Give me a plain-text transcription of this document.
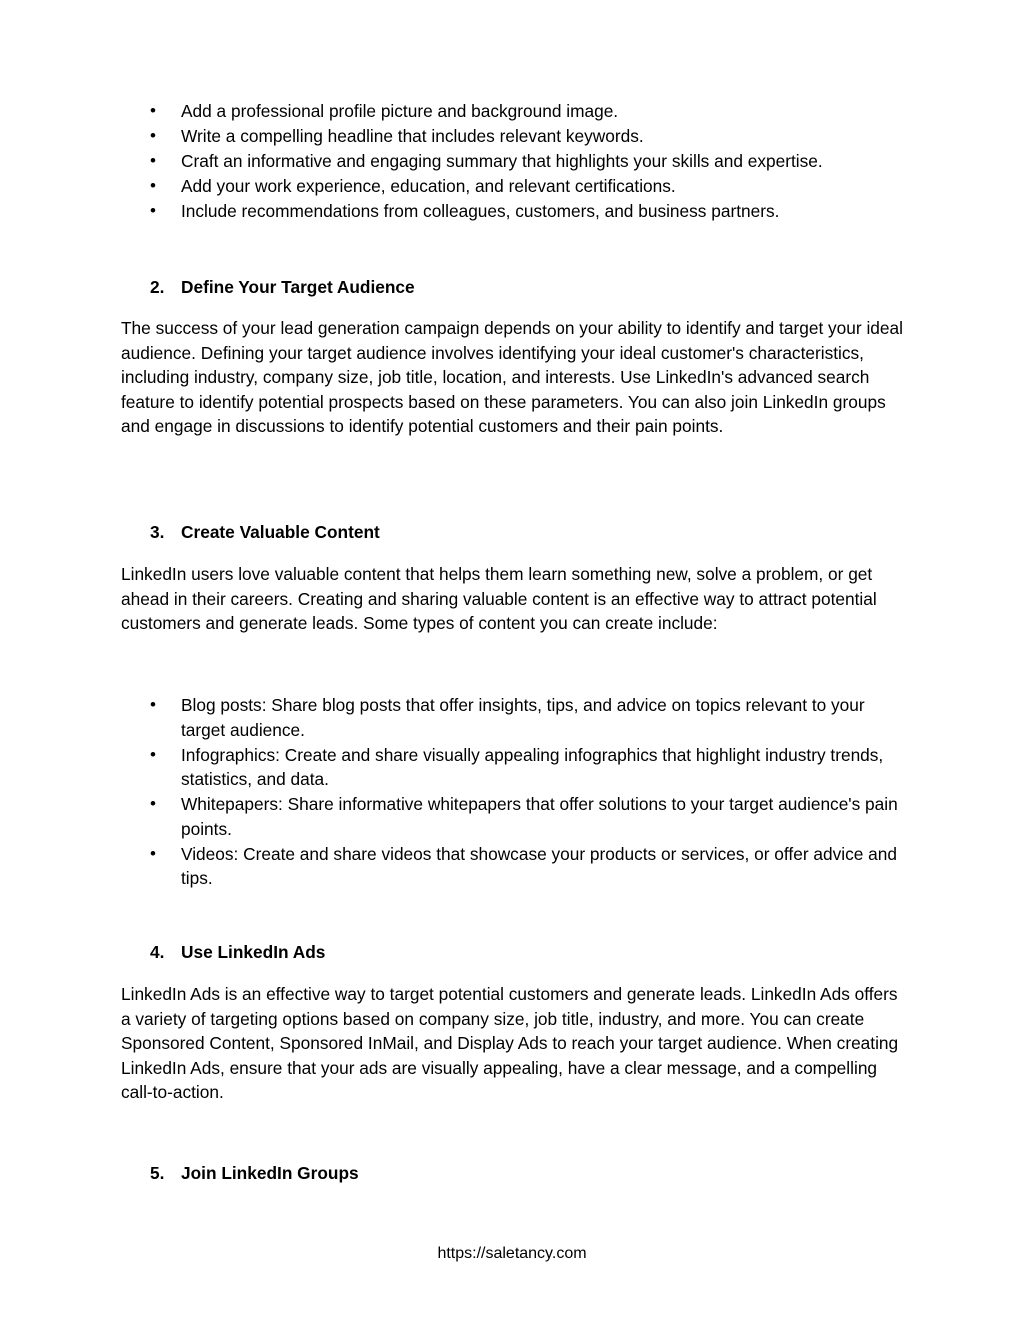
• Add a professional profile picture and background image.
• Write a compelling headline that includes relevant keywords.
• Craft an informative and engaging summary that highlights your skills and expertise.
• Add your work experience, education, and relevant certifications.
• Include recommendations from colleagues, customers, and business partners.
2. Define Your Target Audience

The success of your lead generation campaign depends on your ability to identify and target your ideal audience. Defining your target audience involves identifying your ideal customer's characteristics, including industry, company size, job title, location, and interests. Use LinkedIn's advanced search feature to identify potential prospects based on these parameters. You can also join LinkedIn groups and engage in discussions to identify potential customers and their pain points.

3. Create Valuable Content

LinkedIn users love valuable content that helps them learn something new, solve a problem, or get ahead in their careers. Creating and sharing valuable content is an effective way to attract potential customers and generate leads. Some types of content you can create include:

• Blog posts: Share blog posts that offer insights, tips, and advice on topics relevant to your target audience.
• Infographics: Create and share visually appealing infographics that highlight industry trends, statistics, and data.
• Whitepapers: Share informative whitepapers that offer solutions to your target audience's pain points.
• Videos: Create and share videos that showcase your products or services, or offer advice and tips.
4. Use LinkedIn Ads

LinkedIn Ads is an effective way to target potential customers and generate leads. LinkedIn Ads offers a variety of targeting options based on company size, job title, industry, and more. You can create Sponsored Content, Sponsored InMail, and Display Ads to reach your target audience. When creating LinkedIn Ads, ensure that your ads are visually appealing, have a clear message, and a compelling call-to-action.

5. Join LinkedIn Groups
https://saletancy.com
